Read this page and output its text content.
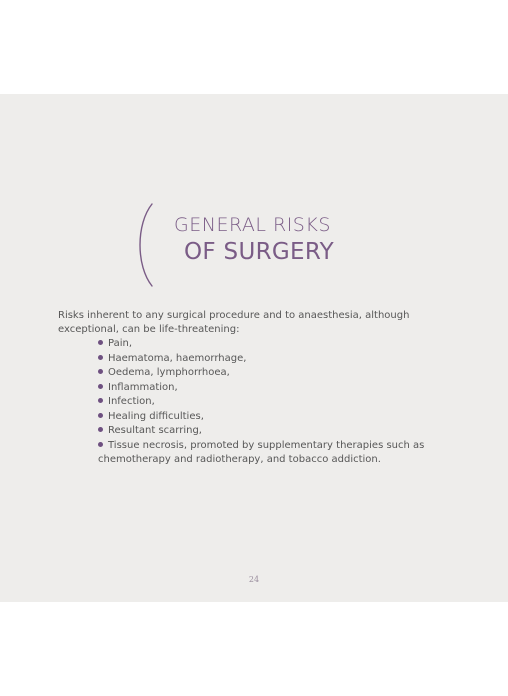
GENERAL RISKS
OF SURGERY
Risks inherent to any surgical procedure and to anaesthesia, although exceptional, can be life-threatening:
Pain,
Haematoma, haemorrhage,
Oedema, lymphorrhoea,
Inflammation,
Infection,
Healing difficulties,
Resultant scarring,
Tissue necrosis, promoted by supplementary therapies such as chemotherapy and radiotherapy, and tobacco addiction.
24
